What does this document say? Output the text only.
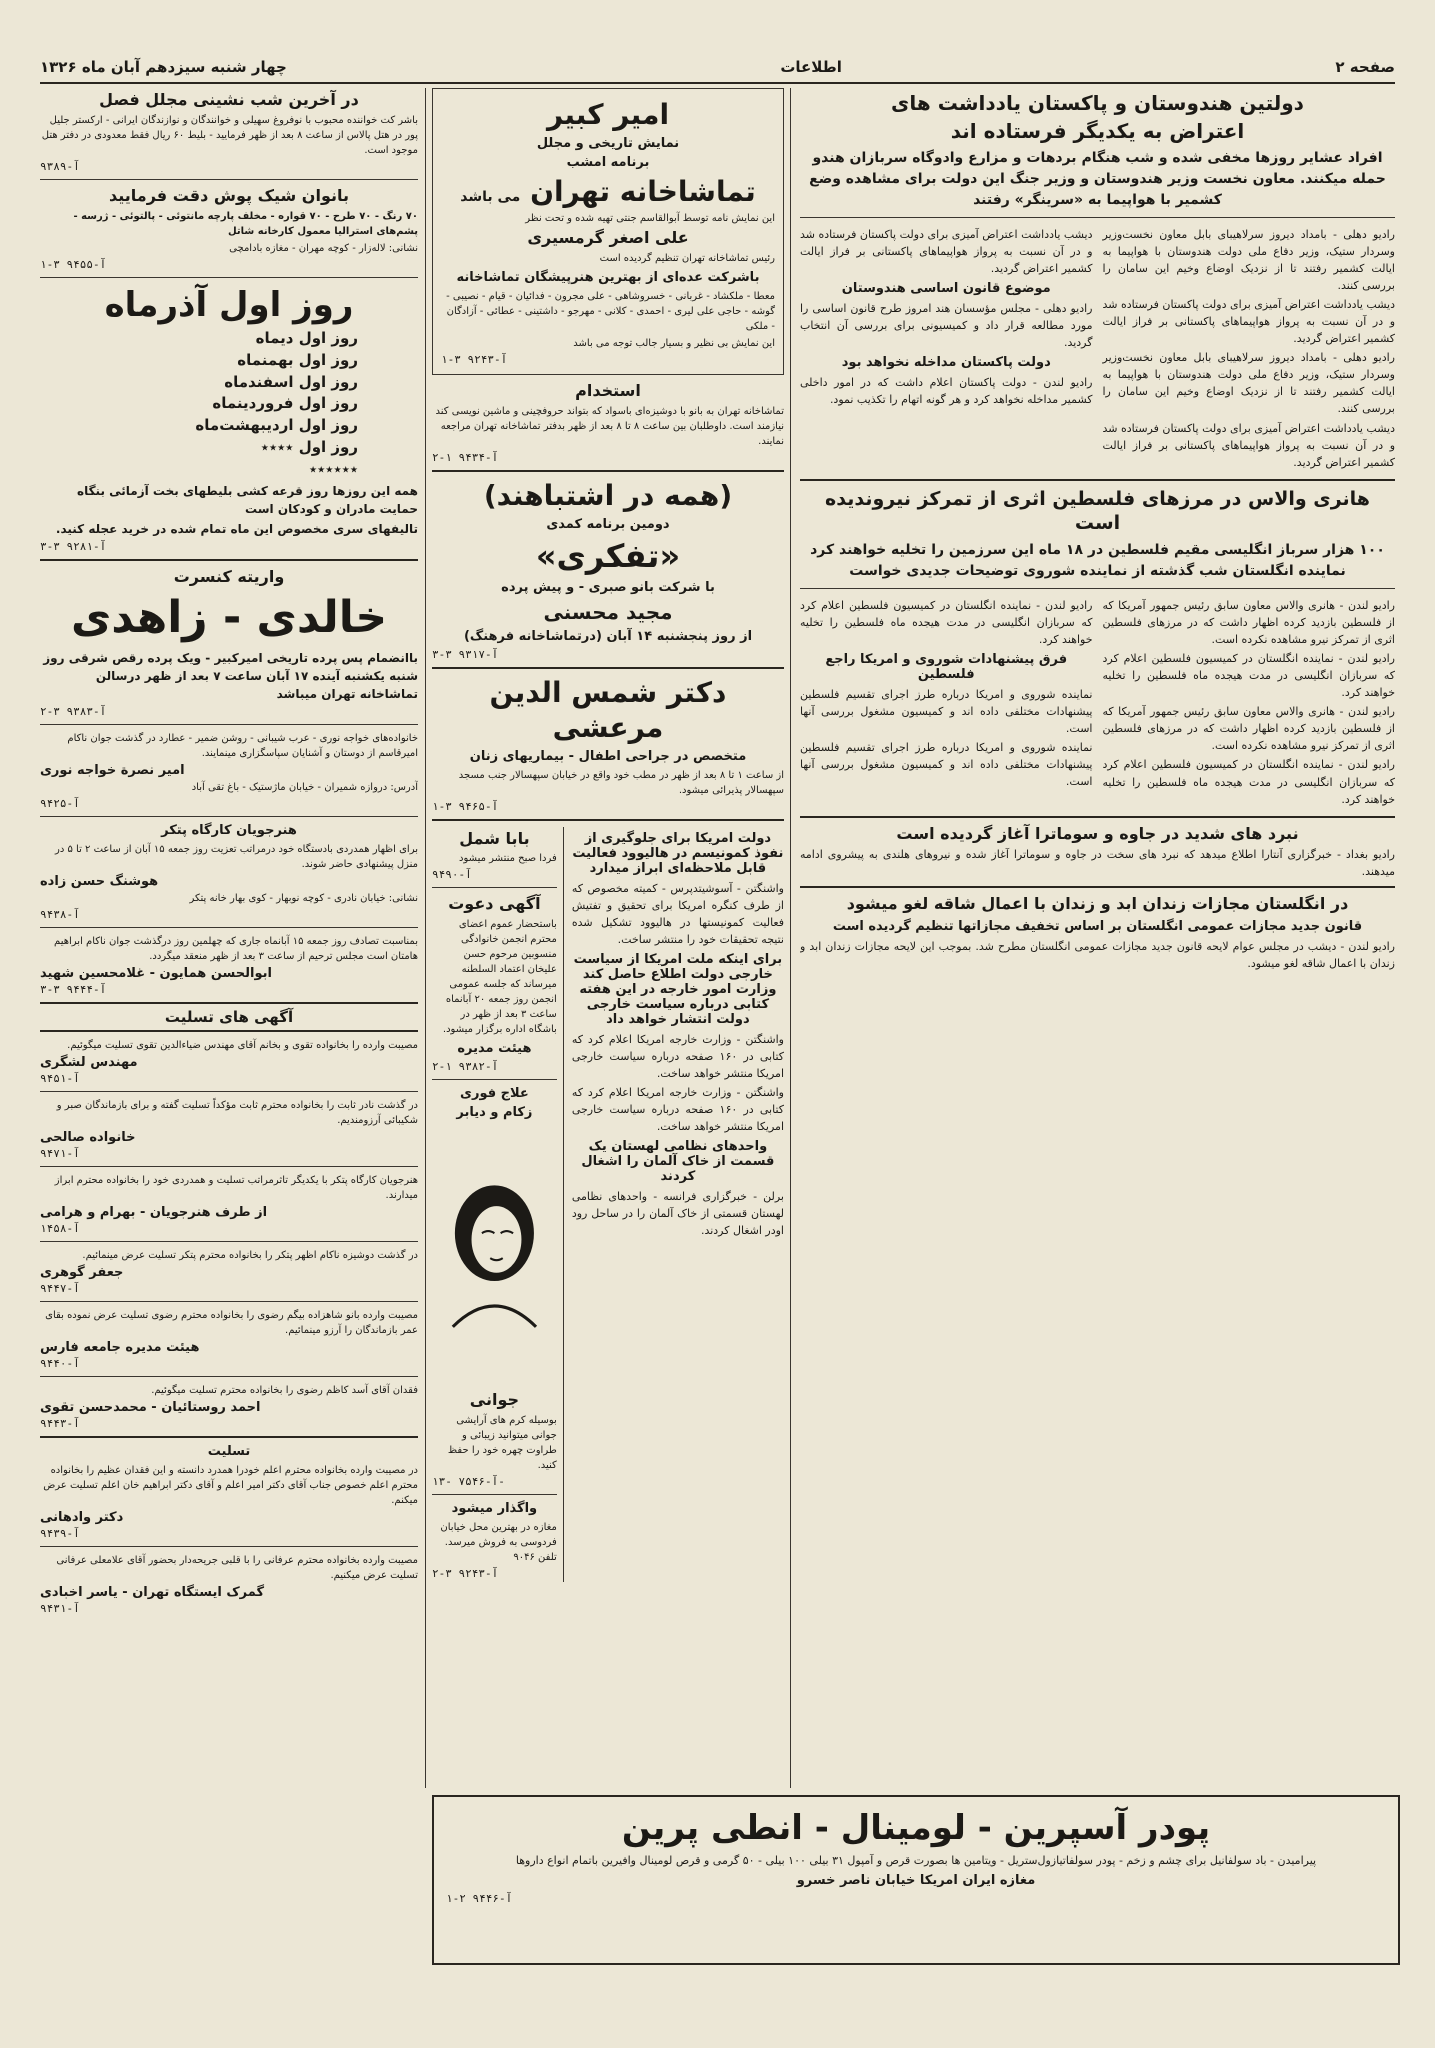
صفحه ۲
اطلاعات
چهار شنبه سیزدهم آبان ماه ۱۳۲۶
دولتین هندوستان و پاکستان یادداشت های
اعتراض به یکدیگر فرستاده اند
افراد عشایر روزها مخفی شده و شب هنگام بردهات و مزارع وادوگاه سربازان هندو حمله میکنند. معاون نخست وزیر هندوستان و وزیر جنگ این دولت برای مشاهده وضع کشمیر با هواپیما به «سرینگر» رفتند

رادیو دهلی - بامداد دیروز سرلاهیبای بابل معاون نخست‌وزیر وسردار ستیک، وزیر دفاع ملی دولت هندوستان با هواپیما به ایالت کشمیر رفتند تا از نزدیک اوضاع وخیم این سامان را بررسی کنند.

دیشب یادداشت اعتراض آمیزی برای دولت پاکستان فرستاده شد و در آن نسبت به پرواز هواپیماهای پاکستانی بر فراز ایالت کشمیر اعتراض گردید.

رادیو دهلی - بامداد دیروز سرلاهیبای بابل معاون نخست‌وزیر وسردار ستیک، وزیر دفاع ملی دولت هندوستان با هواپیما به ایالت کشمیر رفتند تا از نزدیک اوضاع وخیم این سامان را بررسی کنند.

دیشب یادداشت اعتراض آمیزی برای دولت پاکستان فرستاده شد و در آن نسبت به پرواز هواپیماهای پاکستانی بر فراز ایالت کشمیر اعتراض گردید.

دیشب یادداشت اعتراض آمیزی برای دولت پاکستان فرستاده شد و در آن نسبت به پرواز هواپیماهای پاکستانی بر فراز ایالت کشمیر اعتراض گردید.

موضوع قانون اساسی هندوستان

رادیو دهلی - مجلس مؤسسان هند امروز طرح قانون اساسی را مورد مطالعه قرار داد و کمیسیونی برای بررسی آن انتخاب گردید.

دولت پاکستان مداخله نخواهد بود

رادیو لندن - دولت پاکستان اعلام داشت که در امور داخلی کشمیر مداخله نخواهد کرد و هر گونه اتهام را تکذیب نمود.

هانری والاس در مرزهای فلسطین اثری از تمرکز نیروندیده است
۱۰۰ هزار سرباز انگلیسی مقیم فلسطین در ۱۸ ماه این سرزمین را تخلیه خواهند کرد نماینده انگلستان شب گذشته از نماینده شوروی توضیحات جدیدی خواست

رادیو لندن - هانری والاس معاون سابق رئیس جمهور آمریکا که از فلسطین بازدید کرده اظهار داشت که در مرزهای فلسطین اثری از تمرکز نیرو مشاهده نکرده است.

رادیو لندن - نماینده انگلستان در کمیسیون فلسطین اعلام کرد که سربازان انگلیسی در مدت هیجده ماه فلسطین را تخلیه خواهند کرد.

رادیو لندن - هانری والاس معاون سابق رئیس جمهور آمریکا که از فلسطین بازدید کرده اظهار داشت که در مرزهای فلسطین اثری از تمرکز نیرو مشاهده نکرده است.

رادیو لندن - نماینده انگلستان در کمیسیون فلسطین اعلام کرد که سربازان انگلیسی در مدت هیجده ماه فلسطین را تخلیه خواهند کرد.

رادیو لندن - نماینده انگلستان در کمیسیون فلسطین اعلام کرد که سربازان انگلیسی در مدت هیجده ماه فلسطین را تخلیه خواهند کرد.

فرق پیشنهادات شوروی و امریکا راجع فلسطین

نماینده شوروی و امریکا درباره طرز اجرای تقسیم فلسطین پیشنهادات مختلفی داده اند و کمیسیون مشغول بررسی آنها است.

نماینده شوروی و امریکا درباره طرز اجرای تقسیم فلسطین پیشنهادات مختلفی داده اند و کمیسیون مشغول بررسی آنها است.

نبرد های شدید در جاوه و سوماترا آغاز گردیده است

رادیو بغداد - خبرگزاری آنتارا اطلاع میدهد که نبرد های سخت در جاوه و سوماترا آغاز شده و نیروهای هلندی به پیشروی ادامه میدهند.

در انگلستان مجازات زندان ابد و زندان با اعمال شاقه لغو میشود
قانون جدید مجازات عمومی انگلستان بر اساس تخفیف مجازاتها تنظیم گردیده است

رادیو لندن - دیشب در مجلس عوام لایحه قانون جدید مجازات عمومی انگلستان مطرح شد. بموجب این لایحه مجازات زندان ابد و زندان با اعمال شاقه لغو میشود.

امیر کبیر
نمایش تاریخی و مجلل
برنامه امشب
تماشاخانه تهران می باشد

این نمایش نامه توسط آبوالقاسم جنتی تهیه شده و تحت نظر

علی اصغر گرمسیری

رئیس تماشاخانه تهران تنظیم گردیده است

باشرکت عده‌ای از بهترین هنرپیشگان تماشاخانه

معطا - ملکشاد - غربانی - خسروشاهی - علی مجرون - فدائیان - قیام - نصیبی - گوشه - حاجی علی لیری - احمدی - کلانی - مهرجو - داشتینی - عطائی - آزادگان - ملکی

این نمایش بی نظیر و بسیار جالب توجه می باشد

آ-۹۲۴۳ ۳-۱
استخدام

تماشاخانه تهران به بانو با دوشیزه‌ای باسواد که بتواند حروفچینی و ماشین نویسی کند نیازمند است. داوطلبان بین ساعت ۸ تا ۸ بعد از ظهر بدفتر تماشاخانه تهران مراجعه نمایند.

آ-۹۴۳۴ ۱-۲
(همه در اشتباهند)
دومین برنامه کمدی
«تفکری»
با شرکت بانو صبری - و پیش پرده
مجید محسنی
از روز پنجشنبه ۱۴ آبان (درتماشاخانه فرهنگ)
آ-۹۳۱۷ ۳-۳
دکتر شمس الدین مرعشی
متخصص در جراحی اطفال - بیماریهای زنان

از ساعت ۱ تا ۸ بعد از ظهر در مطب خود واقع در خیابان سپهسالار جنب مسجد سپهسالار پذیرائی میشود.

آ-۹۴۶۵ ۳-۱
دولت امریکا برای جلوگیری از نفوذ کمونیسم در هالیوود فعالیت قابل ملاحظه‌ای ابراز میدارد

واشنگتن - آسوشیتدپرس - کمیته مخصوص که از طرف کنگره امریکا برای تحقیق و تفتیش فعالیت کمونیستها در هالیوود تشکیل شده نتیجه تحقیقات خود را منتشر ساخت.

برای اینکه ملت امریکا از سیاست خارجی دولت اطلاع حاصل کند وزارت امور خارجه در این هفته کتابی درباره سیاست خارجی دولت انتشار خواهد داد

واشنگتن - وزارت خارجه امریکا اعلام کرد که کتابی در ۱۶۰ صفحه درباره سیاست خارجی امریکا منتشر خواهد ساخت.

واشنگتن - وزارت خارجه امریکا اعلام کرد که کتابی در ۱۶۰ صفحه درباره سیاست خارجی امریکا منتشر خواهد ساخت.

واحدهای نظامی لهستان یک قسمت از خاک آلمان را اشغال کردند

برلن - خبرگزاری فرانسه - واحدهای نظامی لهستان قسمتی از خاک آلمان را در ساحل رود اودر اشغال کردند.

بابا شمل

فردا صبح منتشر میشود

آ-۹۴۹۰
آگهی دعوت

باستحضار عموم اعضای محترم انجمن خانوادگی منسوبین مرحوم حسن علیخان اعتماد السلطنه میرساند که جلسه عمومی انجمن روز جمعه ۲۰ آبانماه ساعت ۳ بعد از ظهر در باشگاه اداره برگزار میشود.

هیئت مدیره
آ-۹۳۸۲ ۱-۲
علاج فوری
زکام و دیابر
جوانی

بوسیله کرم های آرایشی جوانی میتوانید زیبائی و طراوت چهره خود را حفظ کنید.

آ-۷۵۴۶ -۱۳-
واگذار میشود

مغازه در بهترین محل خیابان فردوسی به فروش میرسد. تلفن ۹۰۴۶

آ-۹۲۴۳ ۳-۲
در آخرین شب نشینی مجلل فصل

باشر کت خواننده محبوب با نوفروغ سهیلی و خوانندگان و نوازندگان ایرانی - ارکستر جلیل پور در هتل پالاس از ساعت ۸ بعد از ظهر فرمایید - بلیط ۶۰ ریال فقط معدودی در دفتر هتل موجود است.

آ-۹۳۸۹
بانوان شیک پوش دقت فرمایید

۷۰ رنگ - ۷۰ طرح - ۷۰ قواره - مخلف پارچه مانتوئی - پالتوئی - ژرسه - پشم‌های استرالیا معمول کارخانه شاتل

نشانی: لاله‌زار - کوچه مهران - مغازه بادامچی

آ-۹۴۵۵ ۳-۱
روز اول آذرماه
روز اول دیماه
روز اول بهمنماه
روز اول اسفندماه
روز اول فروردینماه
روز اول اردیبهشت‌ماه
روز اول ٭٭٭٭
٭٭٭٭٭٭

همه این روزها روز قرعه کشی بلیطهای بخت آزمائی بنگاه حمایت مادران و کودکان است

تالیفهای سری مخصوص این ماه تمام شده در خرید عجله کنید.

آ-۹۲۸۱ ۳-۳
واریته کنسرت
خالدی - زاهدی

باانضمام پس پرده تاریخی امیرکبیر - ویک پرده رقص شرقی روز شنبه یکشنبه آینده ۱۷ آبان ساعت ۷ بعد از ظهر درسالن تماشاخانه تهران میباشد

آ-۹۳۸۳ ۳-۲

خانواده‌های خواجه نوری - عرب شیبانی - روشن ضمیر - عطارد در گذشت جوان ناکام امیرقاسم از دوستان و آشنایان سپاسگزاری مینمایند.

امیر نصرة خواجه نوری

آدرس: دروازه شمیران - خیابان ماژستیک - باغ تقی آباد

آ-۹۴۲۵
هنرجویان کارگاه پتکر

برای اظهار همدردی بادستگاه خود درمراتب تعزیت روز جمعه ۱۵ آبان از ساعت ۲ تا ۵ در منزل پیشنهادی حاضر شوند.

هوشنگ حسن زاده

نشانی: خیابان نادری - کوچه نوبهار - کوی بهار خانه پتکر

آ-۹۴۳۸

بمناسبت تصادف روز جمعه ۱۵ آبانماه جاری که چهلمین روز درگذشت جوان ناکام ابراهیم هامتان است مجلس ترحیم از ساعت ۳ بعد از ظهر منعقد میگردد.

ابوالحسن همایون - غلامحسین شهید
آ-۹۴۴۴ ۳-۳
آگهی های تسلیت

مصیبت وارده را بخانواده تقوی و بخانم آقای مهندس ضیاءالدین تقوی تسلیت میگوئیم.

مهندس لشگری
آ-۹۴۵۱

در گذشت نادر ثابت را بخانواده محترم ثابت مؤکداً تسلیت گفته و برای بازماندگان صبر و شکیبائی آرزومندیم.

خانواده صالحی
آ-۹۴۷۱

هنرجویان کارگاه پتکر با یکدیگر تاثرمراتب تسلیت و همدردی خود را بخانواده محترم ابراز میدارند.

از طرف هنرجویان - بهرام و هرامی
آ-۱۴۵۸

در گذشت دوشیزه ناکام اظهر پتکر را بخانواده محترم پتکر تسلیت عرض مینمائیم.

جعفر گوهری
آ-۹۴۴۷

مصیبت وارده بانو شاهزاده بیگم رضوی را بخانواده محترم رضوی تسلیت عرض نموده بقای عمر بازماندگان را آرزو مینمائیم.

هیئت مدیره جامعه فارس
آ-۹۴۴۰

فقدان آقای آسد کاظم رضوی را بخانواده محترم تسلیت میگوئیم.

احمد روستائیان - محمدحسن تقوی
آ-۹۴۴۳
تسلیت

در مصیبت وارده بخانواده محترم اعلم خودرا همدرد دانسته و این فقدان عظیم را بخانواده محترم اعلم خصوص جناب آقای دکتر امیر اعلم و آقای دکتر ابراهیم خان اعلم تسلیت عرض میکنم.

دکتر وادهانی
آ-۹۴۳۹

مصیبت وارده بخانواده محترم عرفانی را با قلبی جریحه‌دار بحضور آقای علامعلی عرفانی تسلیت عرض میکنیم.

گمرک ایستگاه تهران - یاسر اخبادی
آ-۹۴۳۱
پودر آسپرین - لومینال - انطی پرین

پیرامیدن - باد سولفانیل برای چشم و زخم - پودر سولفاتیازول‌ستریل - ویتامین ها بصورت قرص و آمپول ۳۱ بیلی ۱۰۰ بیلی - ۵۰ گرمی و قرص لومینال وافیرین باتمام انواع داروها

مغازه ایران امریکا خیابان ناصر خسرو
آ-۹۴۴۶ ۲-۱
